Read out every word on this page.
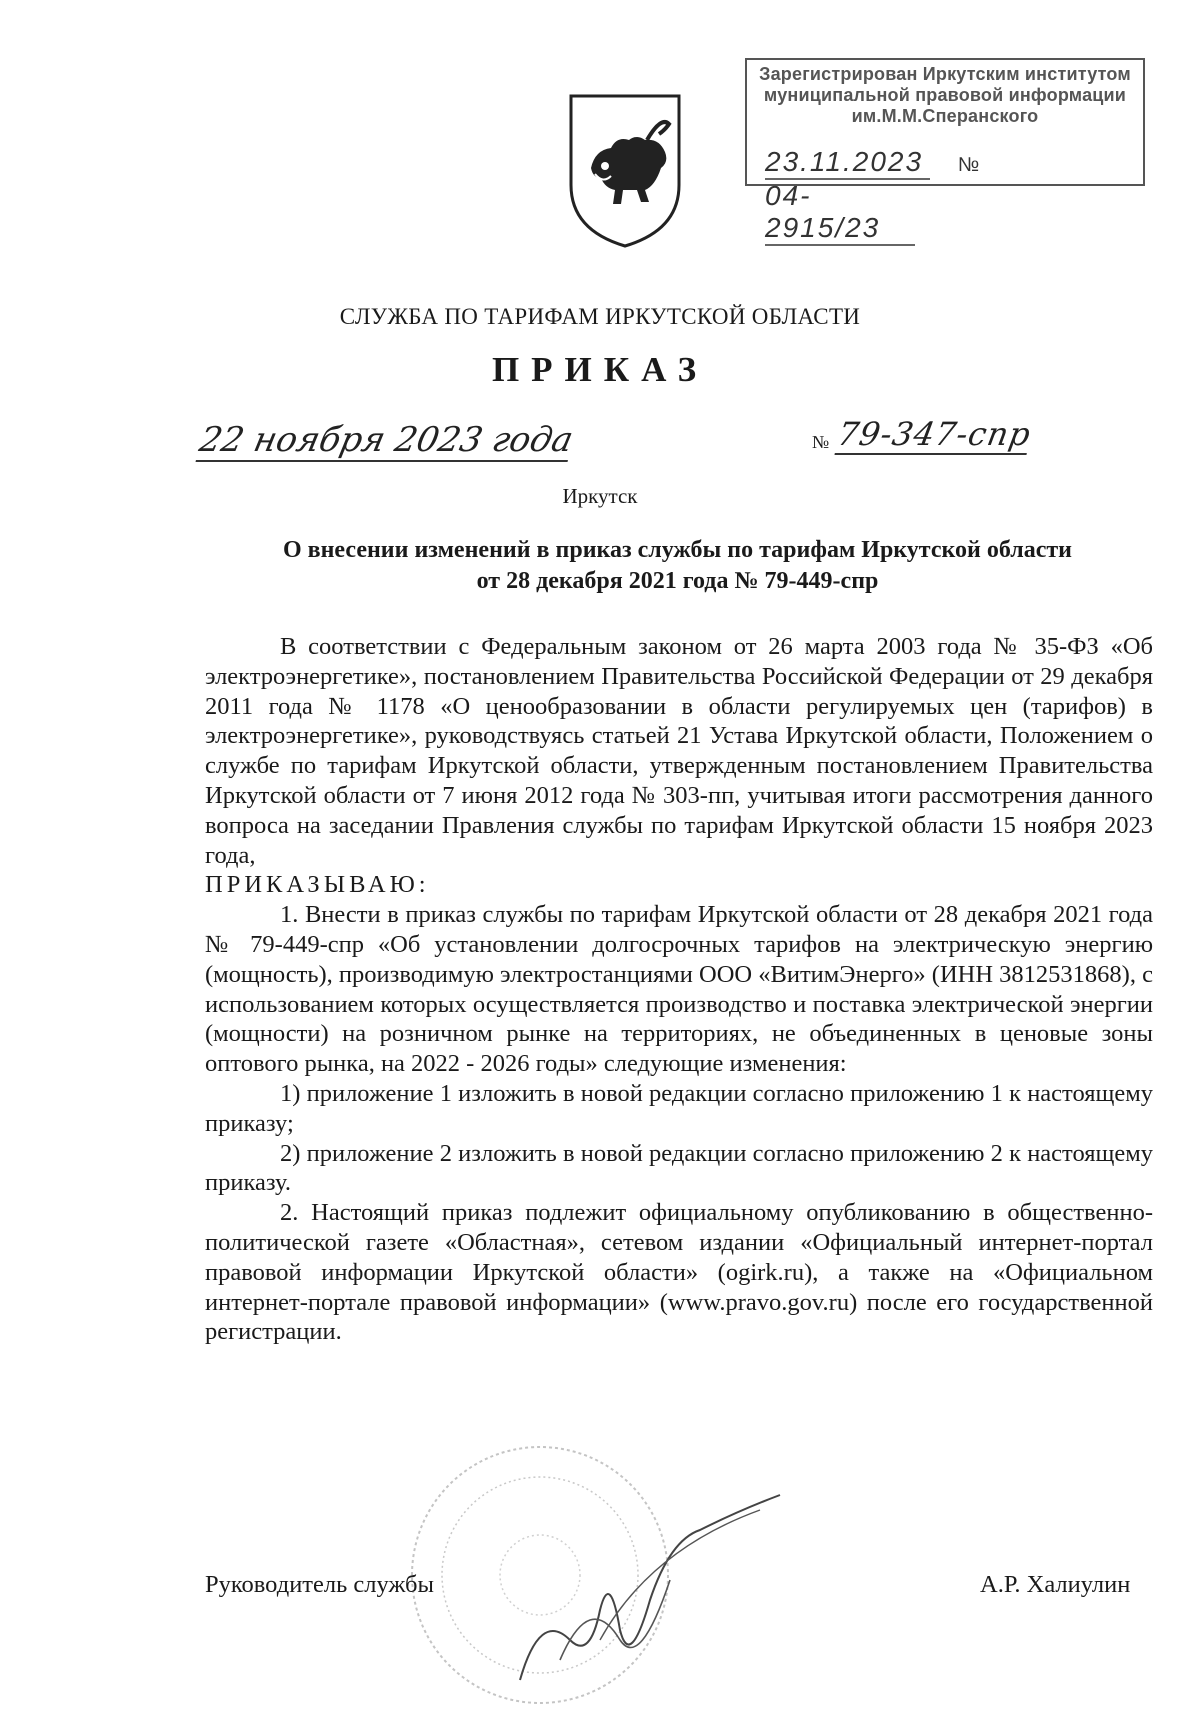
Зарегистрирован Иркутским институтом
муниципальной правовой информации
им.М.М.Сперанского
23.11.2023 № 04-2915/23
СЛУЖБА ПО ТАРИФАМ ИРКУТСКОЙ ОБЛАСТИ
ПРИКАЗ
22 ноября 2023 года	№ 79-347-спр
Иркутск
О внесении изменений в приказ службы по тарифам Иркутской области
от 28 декабря 2021 года № 79-449-спр

В соответствии с Федеральным законом от 26 марта 2003 года № 35-ФЗ «Об электроэнергетике», постановлением Правительства Российской Федерации от 29 декабря 2011 года № 1178 «О ценообразовании в области регулируемых цен (тарифов) в электроэнергетике», руководствуясь статьей 21 Устава Иркутской области, Положением о службе по тарифам Иркутской области, утвержденным постановлением Правительства Иркутской области от 7 июня 2012 года № 303-пп, учитывая итоги рассмотрения данного вопроса на заседании Правления службы по тарифам Иркутской области 15 ноября 2023 года,

ПРИКАЗЫВАЮ:

1. Внести в приказ службы по тарифам Иркутской области от 28 декабря 2021 года № 79-449-спр «Об установлении долгосрочных тарифов на электрическую энергию (мощность), производимую электростанциями ООО «ВитимЭнерго» (ИНН 3812531868), с использованием которых осуществляется производство и поставка электрической энергии (мощности) на розничном рынке на территориях, не объединенных в ценовые зоны оптового рынка, на 2022 - 2026 годы» следующие изменения:

1) приложение 1 изложить в новой редакции согласно приложению 1 к настоящему приказу;

2) приложение 2 изложить в новой редакции согласно приложению 2 к настоящему приказу.

2. Настоящий приказ подлежит официальному опубликованию в общественно-политической газете «Областная», сетевом издании «Официальный интернет-портал правовой информации Иркутской области» (ogirk.ru), а также на «Официальном интернет-портале правовой информации» (www.pravo.gov.ru) после его государственной регистрации.

Руководитель службы	А.Р. Халиулин
